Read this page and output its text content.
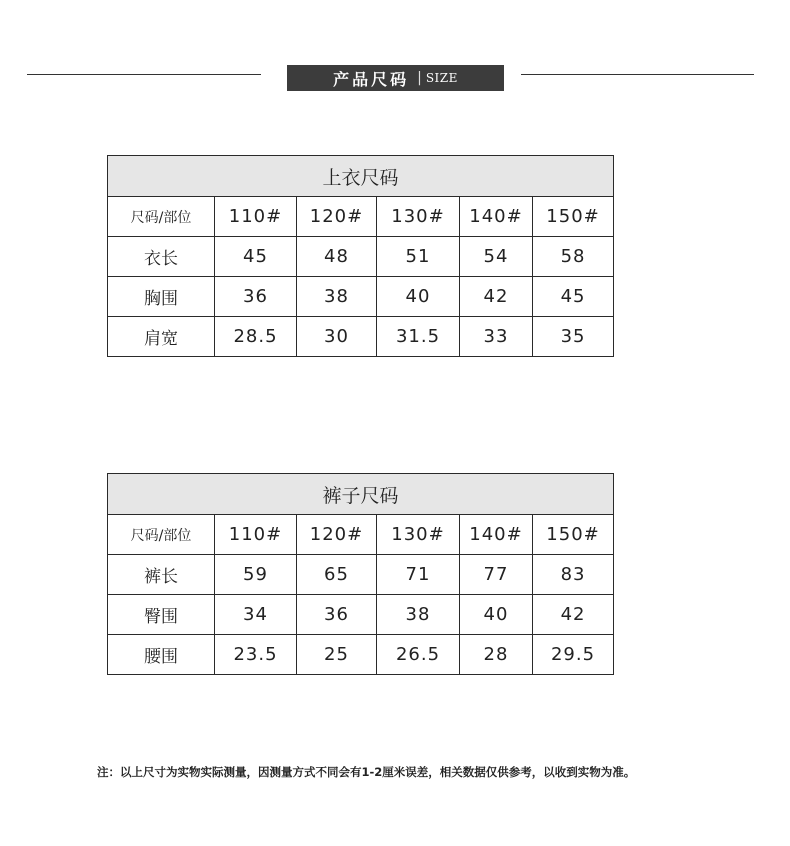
产品尺码 | SIZE
上衣尺码					
尺码/部位	110#	120#	130#	140#	150#
衣长	45	48	51	54	58
胸围	36	38	40	42	45
肩宽	28.5	30	31.5	33	35
裤子尺码					
尺码/部位	110#	120#	130#	140#	150#
裤长	59	65	71	77	83
臀围	34	36	38	40	42
腰围	23.5	25	26.5	28	29.5
注：以上尺寸为实物实际测量，因测量方式不同会有1-2厘米误差，相关数据仅供参考，以收到实物为准。
